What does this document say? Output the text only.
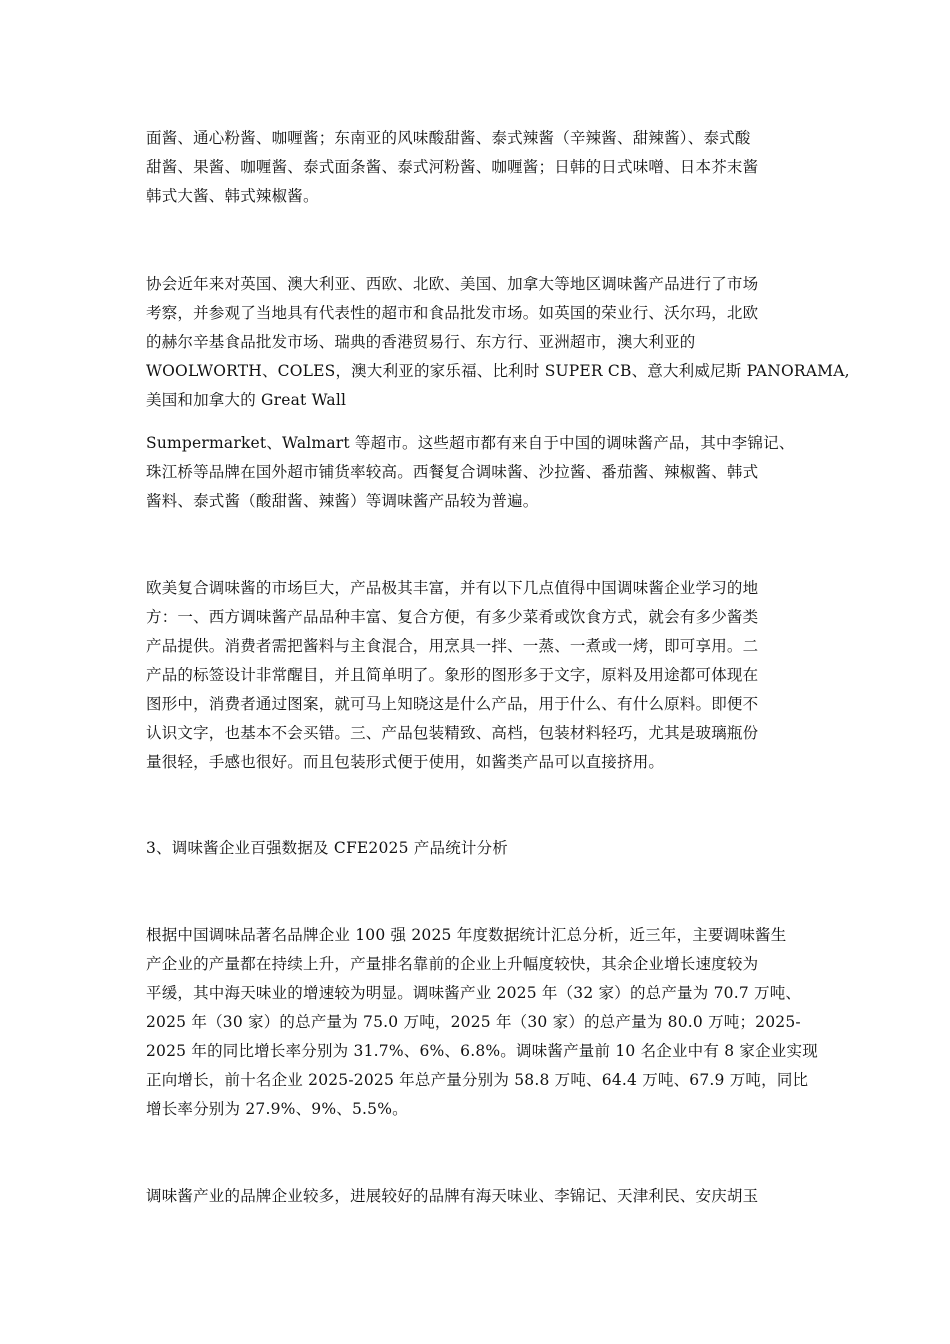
面酱、通心粉酱、咖喱酱；东南亚的风味酸甜酱、泰式辣酱（辛辣酱、甜辣酱）、泰式酸
甜酱、果酱、咖喱酱、泰式面条酱、泰式河粉酱、咖喱酱；日韩的日式味噌、日本芥末酱
韩式大酱、韩式辣椒酱。
协会近年来对英国、澳大利亚、西欧、北欧、美国、加拿大等地区调味酱产品进行了市场
考察，并参观了当地具有代表性的超市和食品批发市场。如英国的荣业行、沃尔玛，北欧
的赫尔辛基食品批发市场、瑞典的香港贸易行、东方行、亚洲超市，澳大利亚的
WOOLWORTH、COLES，澳大利亚的家乐福、比利时 SUPER CB、意大利威尼斯 PANORAMA,
美国和加拿大的 Great Wall
Sumpermarket、Walmart 等超市。这些超市都有来自于中国的调味酱产品，其中李锦记、
珠江桥等品牌在国外超市铺货率较高。西餐复合调味酱、沙拉酱、番茄酱、辣椒酱、韩式
酱料、泰式酱（酸甜酱、辣酱）等调味酱产品较为普遍。
欧美复合调味酱的市场巨大，产品极其丰富，并有以下几点值得中国调味酱企业学习的地
方：一、西方调味酱产品品种丰富、复合方便，有多少菜肴或饮食方式，就会有多少酱类
产品提供。消费者需把酱料与主食混合，用烹具一拌、一蒸、一煮或一烤，即可享用。二
产品的标签设计非常醒目，并且简单明了。象形的图形多于文字，原料及用途都可体现在
图形中，消费者通过图案，就可马上知晓这是什么产品，用于什么、有什么原料。即便不
认识文字，也基本不会买错。三、产品包装精致、高档，包装材料轻巧，尤其是玻璃瓶份
量很轻，手感也很好。而且包装形式便于使用，如酱类产品可以直接挤用。
3、调味酱企业百强数据及 CFE2025 产品统计分析
根据中国调味品著名品牌企业 100 强 2025 年度数据统计汇总分析，近三年，主要调味酱生
产企业的产量都在持续上升，产量排名靠前的企业上升幅度较快，其余企业增长速度较为
平缓，其中海天味业的增速较为明显。调味酱产业 2025 年（32 家）的总产量为 70.7 万吨、
2025 年（30 家）的总产量为 75.0 万吨，2025 年（30 家）的总产量为 80.0 万吨；2025-
2025 年的同比增长率分别为 31.7%、6%、6.8%。调味酱产量前 10 名企业中有 8 家企业实现
正向增长，前十名企业 2025-2025 年总产量分别为 58.8 万吨、64.4 万吨、67.9 万吨，同比
增长率分别为 27.9%、9%、5.5%。
调味酱产业的品牌企业较多，进展较好的品牌有海天味业、李锦记、天津利民、安庆胡玉
